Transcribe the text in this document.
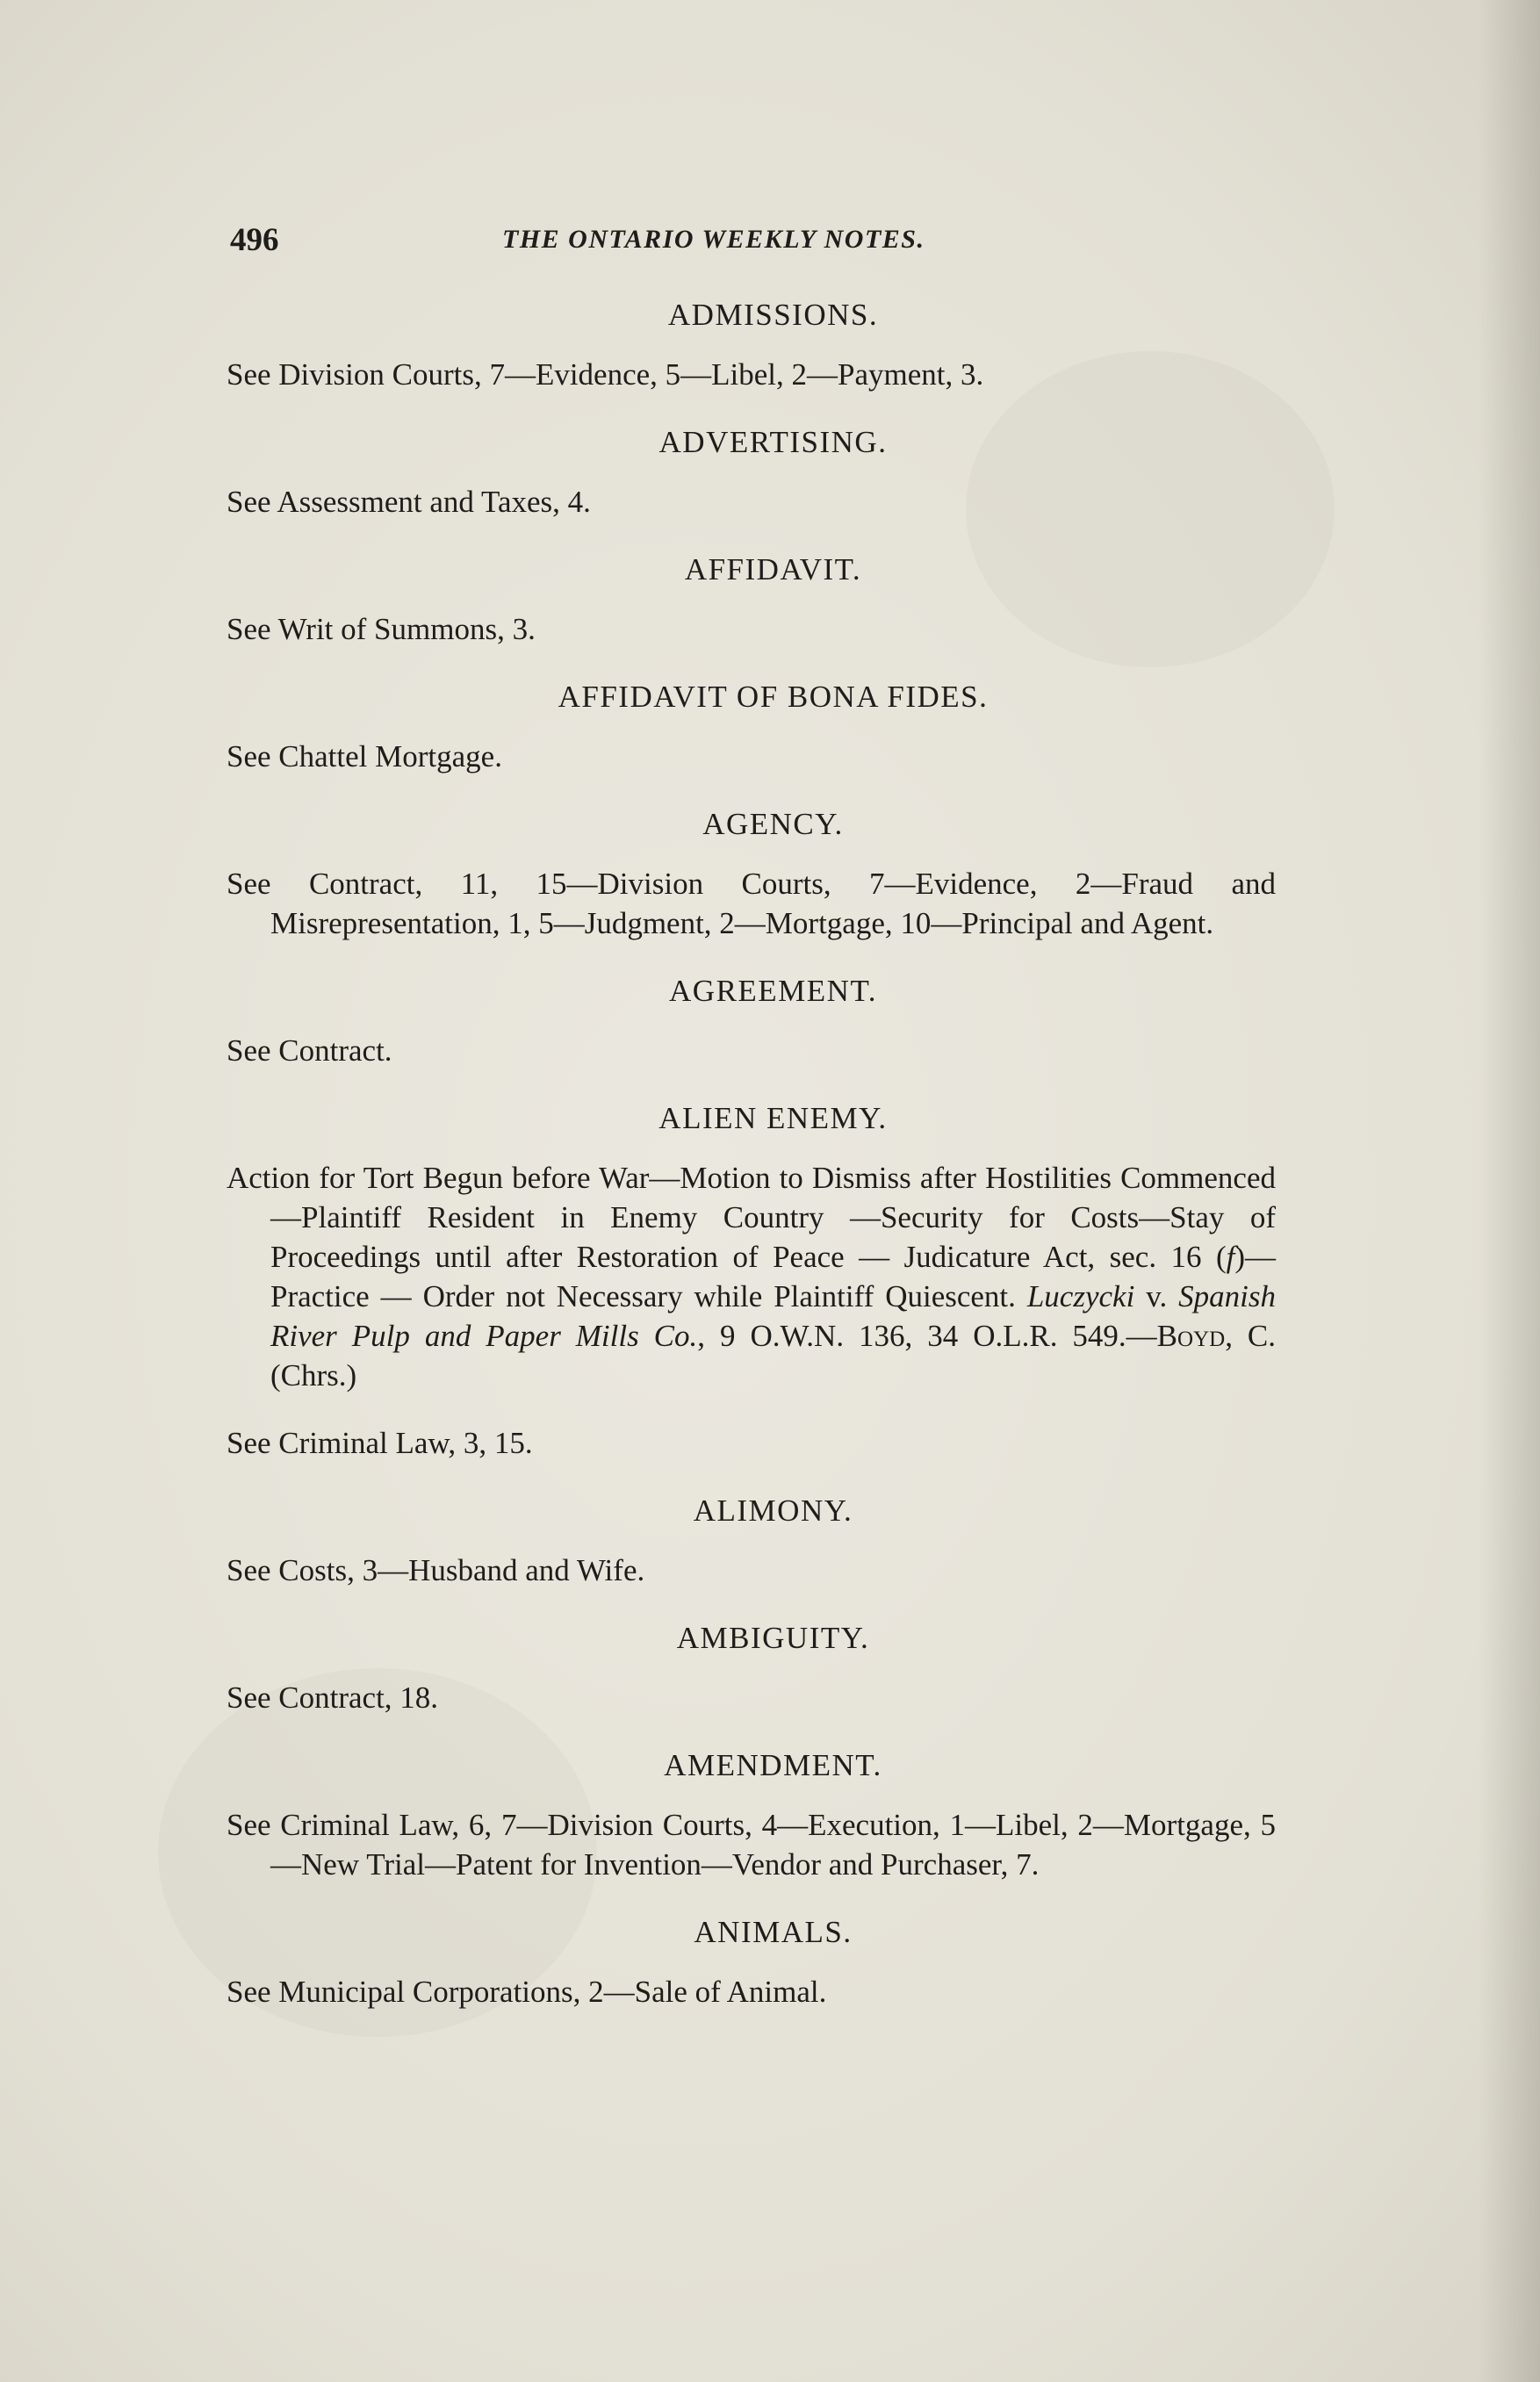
496	THE ONTARIO WEEKLY NOTES.
ADMISSIONS.
See Division Courts, 7—Evidence, 5—Libel, 2—Payment, 3.
ADVERTISING.
See Assessment and Taxes, 4.
AFFIDAVIT.
See Writ of Summons, 3.
AFFIDAVIT OF BONA FIDES.
See Chattel Mortgage.
AGENCY.
See Contract, 11, 15—Division Courts, 7—Evidence, 2—Fraud and Misrepresentation, 1, 5—Judgment, 2—Mortgage, 10—Principal and Agent.
AGREEMENT.
See Contract.
ALIEN ENEMY.
Action for Tort Begun before War—Motion to Dismiss after Hostilities Commenced—Plaintiff Resident in Enemy Country —Security for Costs—Stay of Proceedings until after Restoration of Peace — Judicature Act, sec. 16 (f)—Practice — Order not Necessary while Plaintiff Quiescent. Luczycki v. Spanish River Pulp and Paper Mills Co., 9 O.W.N. 136, 34 O.L.R. 549.—Boyd, C. (Chrs.)
See Criminal Law, 3, 15.
ALIMONY.
See Costs, 3—Husband and Wife.
AMBIGUITY.
See Contract, 18.
AMENDMENT.
See Criminal Law, 6, 7—Division Courts, 4—Execution, 1—Libel, 2—Mortgage, 5—New Trial—Patent for Invention—Vendor and Purchaser, 7.
ANIMALS.
See Municipal Corporations, 2—Sale of Animal.
